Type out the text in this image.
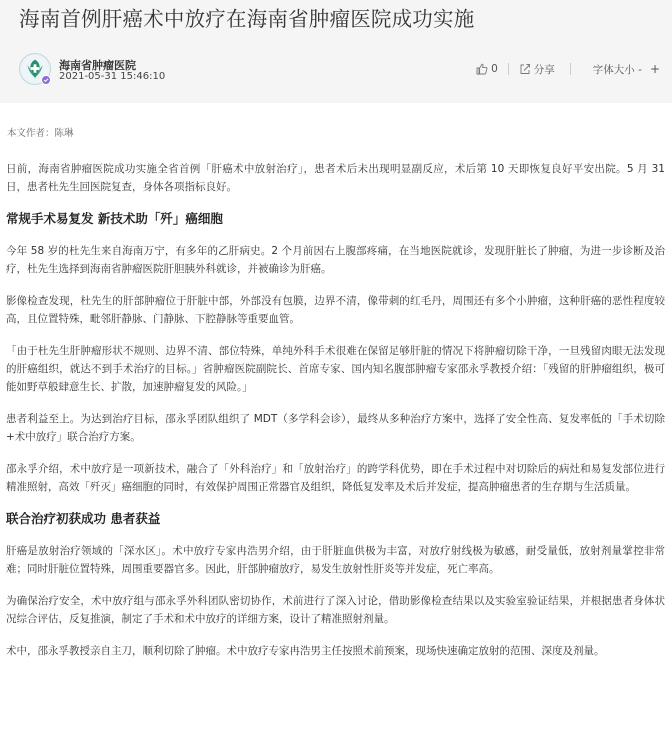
海南首例肝癌术中放疗在海南省肿瘤医院成功实施
海南省肿瘤医院
2021-05-31 15:46:10
0	分享	字体大小 - +
本文作者：陈琳

日前，海南省肿瘤医院成功实施全省首例「肝癌术中放射治疗」，患者术后未出现明显副反应，术后第 10 天即恢复良好平安出院。5 月 31 日，患者杜先生回医院复查，身体各项指标良好。

常规手术易复发 新技术助「歼」癌细胞

今年 58 岁的杜先生来自海南万宁，有多年的乙肝病史。2 个月前因右上腹部疼痛，在当地医院就诊，发现肝脏长了肿瘤，为进一步诊断及治疗，杜先生选择到海南省肿瘤医院肝胆胰外科就诊，并被确诊为肝癌。

影像检查发现，杜先生的肝部肿瘤位于肝脏中部，外部没有包膜，边界不清，像带刺的红毛丹，周围还有多个小肿瘤，这种肝癌的恶性程度较高，且位置特殊，毗邻肝静脉、门静脉、下腔静脉等重要血管。

「由于杜先生肝肿瘤形状不规则、边界不清、部位特殊，单纯外科手术很难在保留足够肝脏的情况下将肿瘤切除干净，一旦残留肉眼无法发现的肝癌组织，就达不到手术治疗的目标。」省肿瘤医院副院长、首席专家、国内知名腹部肿瘤专家邵永孚教授介绍：「残留的肝肿瘤组织，极可能如野草般肆意生长、扩散，加速肿瘤复发的风险。」

患者利益至上。为达到治疗目标，邵永孚团队组织了 MDT（多学科会诊），最终从多种治疗方案中，选择了安全性高、复发率低的「手术切除+术中放疗」联合治疗方案。

邵永孚介绍，术中放疗是一项新技术，融合了「外科治疗」和「放射治疗」的跨学科优势，即在手术过程中对切除后的病灶和易复发部位进行精准照射，高效「歼灭」癌细胞的同时，有效保护周围正常器官及组织，降低复发率及术后并发症，提高肿瘤患者的生存期与生活质量。

联合治疗初获成功 患者获益

肝癌是放射治疗领域的「深水区」。术中放疗专家冉浩男介绍，由于肝脏血供极为丰富，对放疗射线极为敏感，耐受量低，放射剂量掌控非常难；同时肝脏位置特殊，周围重要器官多。因此，肝部肿瘤放疗，易发生放射性肝炎等并发症，死亡率高。

为确保治疗安全，术中放疗组与邵永孚外科团队密切协作，术前进行了深入讨论，借助影像检查结果以及实验室验证结果，并根据患者身体状况综合评估，反复推演，制定了手术和术中放疗的详细方案，设计了精准照射剂量。

术中，邵永孚教授亲自主刀，顺利切除了肿瘤。术中放疗专家冉浩男主任按照术前预案，现场快速确定放射的范围、深度及剂量。
